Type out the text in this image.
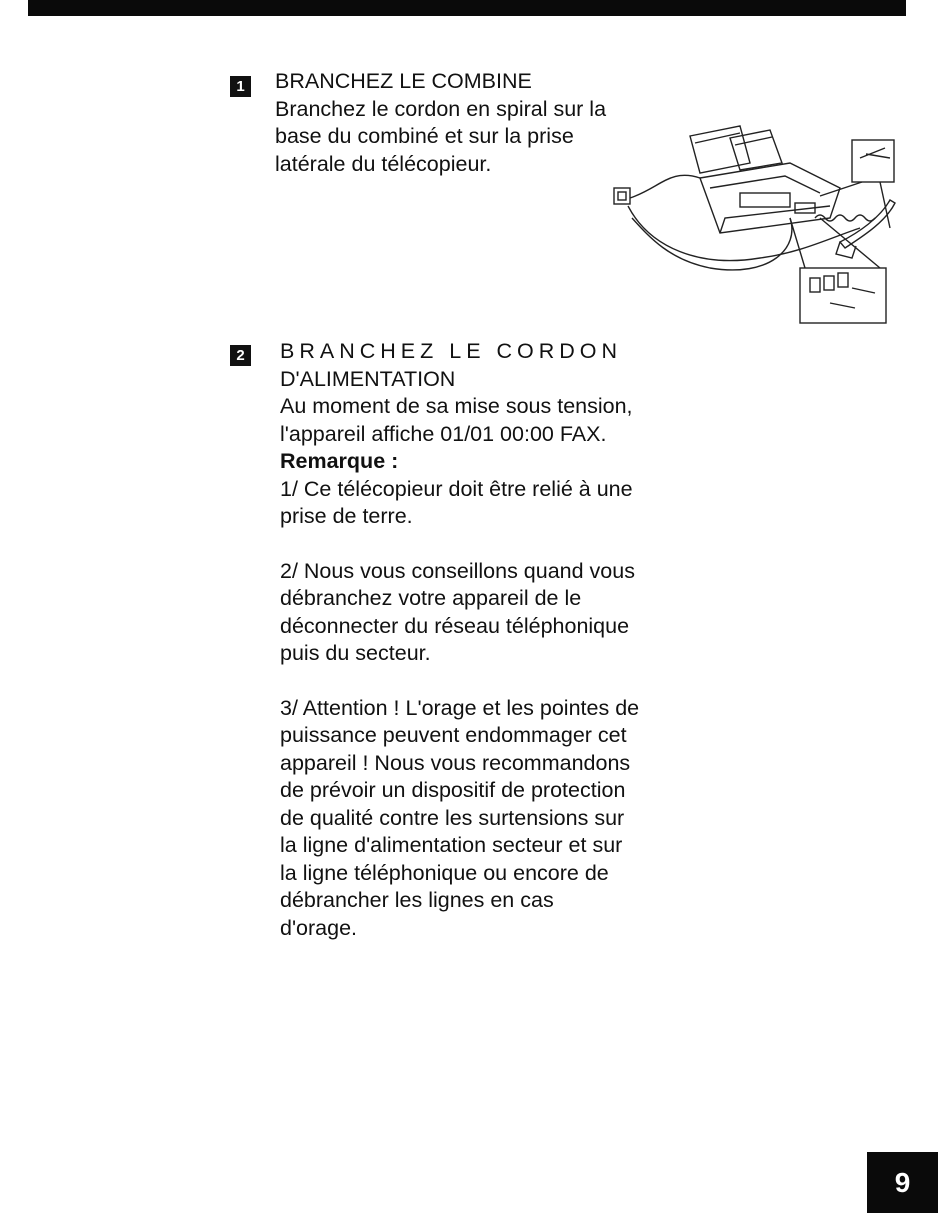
1 BRANCHEZ LE COMBINE
Branchez le cordon en spiral sur la
base du combiné et sur la prise
latérale du télécopieur.
2 BRANCHEZ LE CORDON
D'ALIMENTATION
Au moment de sa mise sous tension,
l'appareil affiche 01/01 00:00 FAX.
Remarque :
1/ Ce télécopieur doit être relié à une
prise de terre.
2/ Nous vous conseillons quand vous
débranchez votre appareil de le
déconnecter du réseau téléphonique
puis du secteur.
3/ Attention ! L'orage et les pointes de
puissance peuvent endommager cet
appareil ! Nous vous recommandons
de prévoir un dispositif de protection
de qualité contre les surtensions sur
la ligne d'alimentation secteur et sur
la ligne téléphonique ou encore de
débrancher les lignes en cas
d'orage.
9
